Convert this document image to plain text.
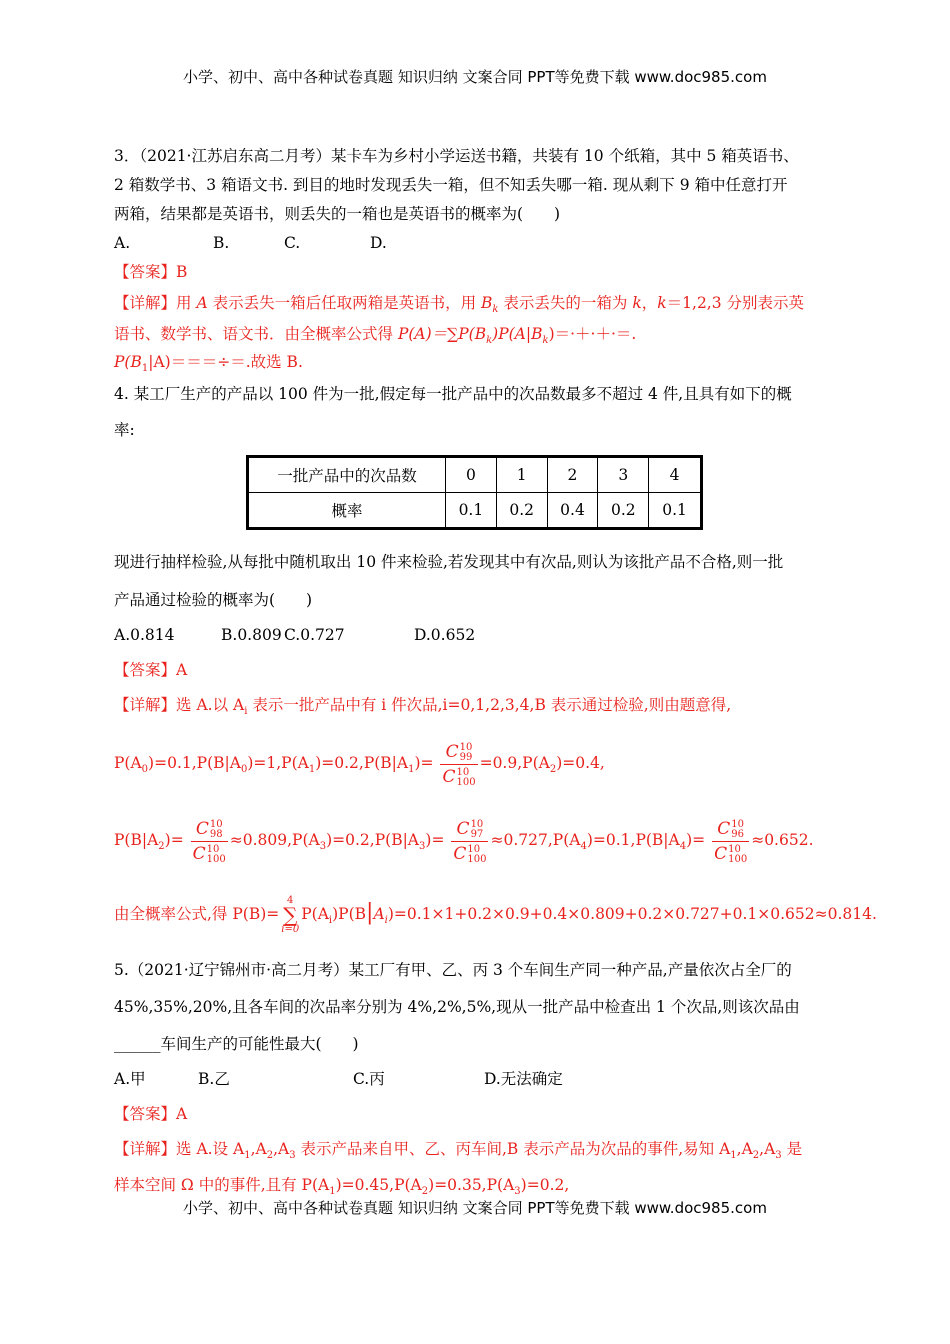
小学、初中、高中各种试卷真题 知识归纳 文案合同 PPT等免费下载 www.doc985.com
3．（2021·江苏启东高二月考）某卡车为乡村小学运送书籍，共装有 10 个纸箱，其中 5 箱英语书、
2 箱数学书、3 箱语文书. 到目的地时发现丢失一箱，但不知丢失哪一箱. 现从剩下 9 箱中任意打开
两箱，结果都是英语书，则丢失的一箱也是英语书的概率为(　　)
A.	B.	C.	D.
【答案】B
【详解】用 A 表示丢失一箱后任取两箱是英语书，用 $B_k$ 表示丢失的一箱为 k，k＝1,2,3 分别表示英
语书、数学书、语文书．由全概率公式得 $P(A)=\sum P(B_k)P(A|B_k)=\cdot+\cdot+\cdot=$.
$P(B_1|A)===\div=$.故选 B.
4. 某工厂生产的产品以 100 件为一批,假定每一批产品中的次品数最多不超过 4 件,且具有如下的概
率:
一批产品中的次品数	0	1	2	3	4
概率	0.1	0.2	0.4	0.2	0.1
现进行抽样检验,从每批中随机取出 10 件来检验,若发现其中有次品,则认为该批产品不合格,则一批
产品通过检验的概率为(　　)
A.0.814	B.0.809 C.0.727	D.0.652
【答案】A
【详解】选 A.以 $A_i$ 表示一批产品中有 i 件次品,i=0,1,2,3,4,B 表示通过检验,则由题意得,
$P(A_0)=0.1,P(B|A_0)=1,P(A_1)=0.2,P(B|A_1)=$
C10
99
C10
100
$=0.9,P(A_2)=0.4$,
$P(B|A_2)=$
C10
98
C10
100
$\approx 0.809,P(A_3)=0.2,P(B|A_3)=$
C10
97
C10
100
$\approx 0.727,P(A_4)=0.1,P(B|A_4)=$
C10
96
C10
100
≈0.652.
由全概率公式,得 P(B)=4
∑
$i=0P(A_i)P(B|A_i)=0.1\times 1+0.2\times 0.9+0.4\times 0.809+0.2\times 0.727+0.1\times 0.652\approx 0.814$.
5.（2021·辽宁锦州市·高二月考）某工厂有甲、乙、丙 3 个车间生产同一种产品,产量依次占全厂的
45%,35%,20%,且各车间的次品率分别为 4%,2%,5%,现从一批产品中检查出 1 个次品,则该次品由
______车间生产的可能性最大(　　)
A.甲	B.乙	C.丙	D.无法确定
【答案】A
【详解】选 A.设 $A_1,A_2,A_3$ 表示产品来自甲、乙、丙车间,B 表示产品为次品的事件,易知 $A_1,A_2,A_3$ 是
样本空间 Ω 中的事件,且有 $P(A_1)=0.45,P(A_2)=0.35,P(A_3)=0.2$,
小学、初中、高中各种试卷真题 知识归纳 文案合同 PPT等免费下载 www.doc985.com
